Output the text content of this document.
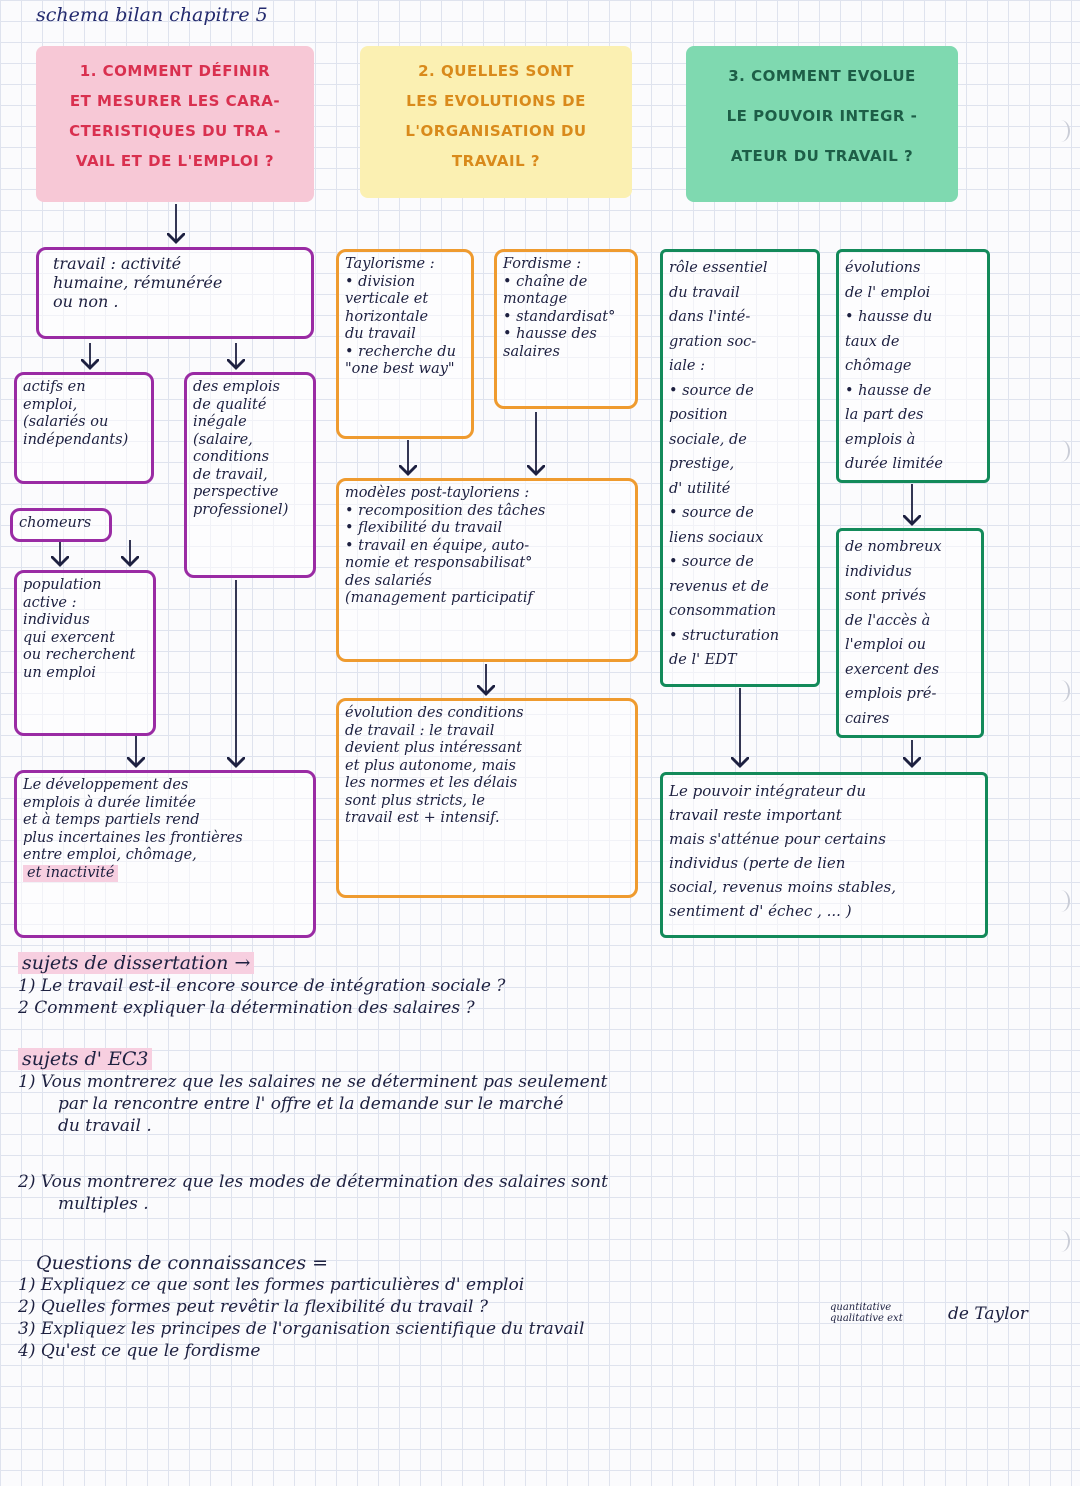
schema bilan chapitre 5
1. COMMENT DÉFINIR
ET MESURER LES CARA-
CTERISTIQUES DU TRA -
VAIL ET DE L'EMPLOI ?
2. QUELLES SONT
LES EVOLUTIONS DE
L'ORGANISATION DU
TRAVAIL ?
3. COMMENT EVOLUE
LE POUVOIR INTEGR -
ATEUR DU TRAVAIL ?
travail : activité
humaine, rémunérée
ou non .
actifs en
emploi,
(salariés ou
indépendants)
des emplois
de qualité
inégale
(salaire,
conditions
de travail,
perspective
professionel)
chomeurs
population
active :
individus
qui exercent
ou recherchent
un emploi
Le développement des
emplois à durée limitée
et à temps partiels rend
plus incertaines les frontières
entre emploi, chômage,
et inactivité
Taylorisme :
• division
verticale et
horizontale
du travail
• recherche du
"one best way"
Fordisme :
• chaîne de
montage
• standardisat°
• hausse des
salaires
modèles post-tayloriens :
• recomposition des tâches
• flexibilité du travail
• travail en équipe, auto-
nomie et responsabilisat°
des salariés
(management participatif
évolution des conditions
de travail : le travail
devient plus intéressant
et plus autonome, mais
les normes et les délais
sont plus stricts, le
travail est + intensif.
rôle essentiel
du travail
dans l'inté-
gration soc-
iale :
• source de
position
sociale, de
prestige,
d' utilité
• source de
liens sociaux
• source de
revenus et de
consommation
• structuration
de l' EDT
évolutions
de l' emploi
• hausse du
taux de
chômage
• hausse de
la part des
emplois à
durée limitée
de nombreux
individus
sont privés
de l'accès à
l'emploi ou
exercent des
emplois pré-
caires
Le pouvoir intégrateur du
travail reste important
mais s'atténue pour certains
individus (perte de lien
social, revenus moins stables,
sentiment d' échec , ... )
sujets de dissertation →
1) Le travail est-il encore source de intégration sociale ?
2 Comment expliquer la détermination des salaires ?
sujets d' EC3
1) Vous montrerez que les salaires ne se déterminent pas seulement
par la rencontre entre l' offre et la demande sur le marché
du travail .
2) Vous montrerez que les modes de détermination des salaires sont
multiples .
Questions de connaissances =
1) Expliquez ce que sont les formes particulières d' emploi
2) Quelles formes peut revêtir la flexibilité du travail ?
3) Expliquez les principes de l'organisation scientifique du travail
4) Qu'est ce que le fordisme
quantitative
qualitative ext	de Taylor
